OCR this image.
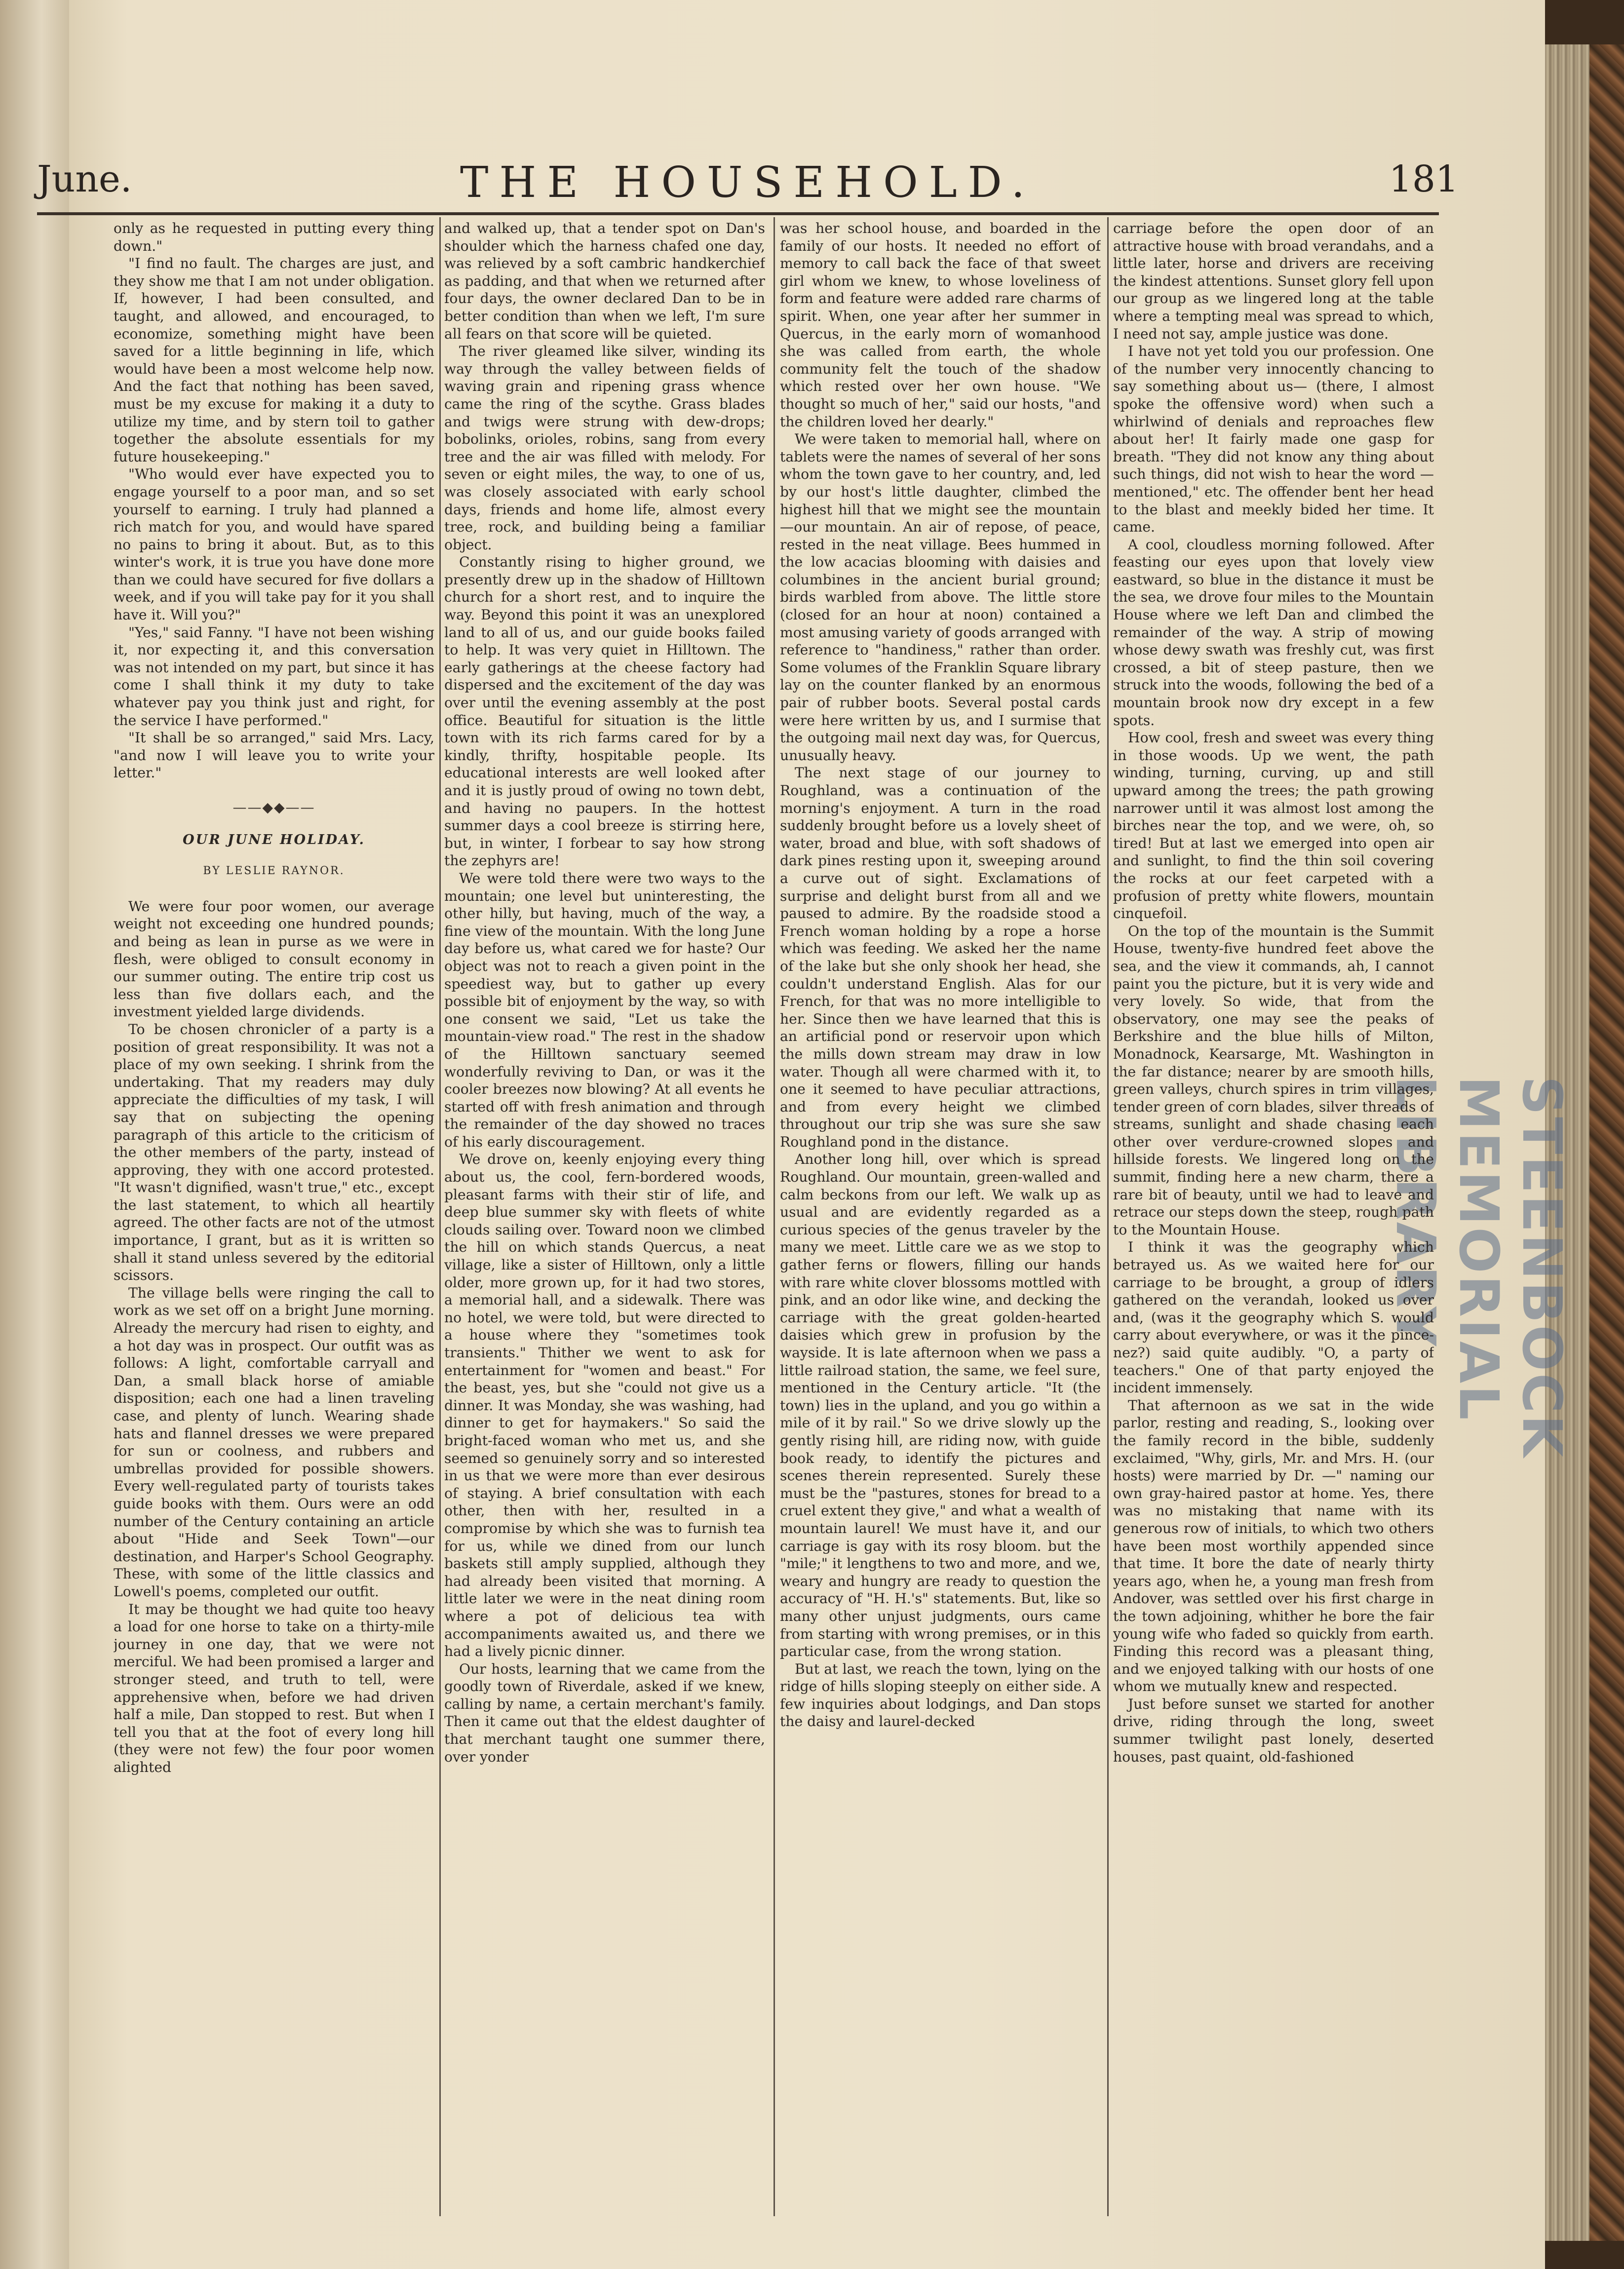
STEENBOCK MEMORIAL LIBRARY
THE HOUSEHOLD.
June.	181

only as he requested in putting every thing down."

"I find no fault. The charges are just, and they show me that I am not under obligation. If, however, I had been consulted, and taught, and allowed, and encouraged, to economize, something might have been saved for a little beginning in life, which would have been a most welcome help now. And the fact that nothing has been saved, must be my excuse for making it a duty to utilize my time, and by stern toil to gather together the absolute essentials for my future housekeeping."

"Who would ever have expected you to engage yourself to a poor man, and so set yourself to earning. I truly had planned a rich match for you, and would have spared no pains to bring it about. But, as to this winter's work, it is true you have done more than we could have secured for five dollars a week, and if you will take pay for it you shall have it. Will you?"

"Yes," said Fanny. "I have not been wishing it, nor expecting it, and this conversation was not intended on my part, but since it has come I shall think it my duty to take whatever pay you think just and right, for the service I have performed."

"It shall be so arranged," said Mrs. Lacy, "and now I will leave you to write your letter."

——◆◆——
OUR JUNE HOLIDAY.
BY LESLIE RAYNOR.

We were four poor women, our average weight not exceeding one hundred pounds; and being as lean in purse as we were in flesh, were obliged to consult economy in our summer outing. The entire trip cost us less than five dollars each, and the investment yielded large dividends.

To be chosen chronicler of a party is a position of great responsibility. It was not a place of my own seeking. I shrink from the undertaking. That my readers may duly appreciate the difficulties of my task, I will say that on subjecting the opening paragraph of this article to the criticism of the other members of the party, instead of approving, they with one accord protested. "It wasn't dignified, wasn't true," etc., except the last statement, to which all heartily agreed. The other facts are not of the utmost importance, I grant, but as it is written so shall it stand unless severed by the editorial scissors.

The village bells were ringing the call to work as we set off on a bright June morning. Already the mercury had risen to eighty, and a hot day was in prospect. Our outfit was as follows: A light, comfortable carryall and Dan, a small black horse of amiable disposition; each one had a linen traveling case, and plenty of lunch. Wearing shade hats and flannel dresses we were prepared for sun or coolness, and rubbers and umbrellas provided for possible showers. Every well-regulated party of tourists takes guide books with them. Ours were an odd number of the Century containing an article about "Hide and Seek Town"—our destination, and Harper's School Geography. These, with some of the little classics and Lowell's poems, completed our outfit.

It may be thought we had quite too heavy a load for one horse to take on a thirty-mile journey in one day, that we were not merciful. We had been promised a larger and stronger steed, and truth to tell, were apprehensive when, before we had driven half a mile, Dan stopped to rest. But when I tell you that at the foot of every long hill (they were not few) the four poor women alighted

and walked up, that a tender spot on Dan's shoulder which the harness chafed one day, was relieved by a soft cambric handkerchief as padding, and that when we returned after four days, the owner declared Dan to be in better condition than when we left, I'm sure all fears on that score will be quieted.

The river gleamed like silver, winding its way through the valley between fields of waving grain and ripening grass whence came the ring of the scythe. Grass blades and twigs were strung with dew-drops; bobolinks, orioles, robins, sang from every tree and the air was filled with melody. For seven or eight miles, the way, to one of us, was closely associated with early school days, friends and home life, almost every tree, rock, and building being a familiar object.

Constantly rising to higher ground, we presently drew up in the shadow of Hilltown church for a short rest, and to inquire the way. Beyond this point it was an unexplored land to all of us, and our guide books failed to help. It was very quiet in Hilltown. The early gatherings at the cheese factory had dispersed and the excitement of the day was over until the evening assembly at the post office. Beautiful for situation is the little town with its rich farms cared for by a kindly, thrifty, hospitable people. Its educational interests are well looked after and it is justly proud of owing no town debt, and having no paupers. In the hottest summer days a cool breeze is stirring here, but, in winter, I forbear to say how strong the zephyrs are!

We were told there were two ways to the mountain; one level but uninteresting, the other hilly, but having, much of the way, a fine view of the mountain. With the long June day before us, what cared we for haste? Our object was not to reach a given point in the speediest way, but to gather up every possible bit of enjoyment by the way, so with one consent we said, "Let us take the mountain-view road." The rest in the shadow of the Hilltown sanctuary seemed wonderfully reviving to Dan, or was it the cooler breezes now blowing? At all events he started off with fresh animation and through the remainder of the day showed no traces of his early discouragement.

We drove on, keenly enjoying every thing about us, the cool, fern-bordered woods, pleasant farms with their stir of life, and deep blue summer sky with fleets of white clouds sailing over. Toward noon we climbed the hill on which stands Quercus, a neat village, like a sister of Hilltown, only a little older, more grown up, for it had two stores, a memorial hall, and a sidewalk. There was no hotel, we were told, but were directed to a house where they "sometimes took transients." Thither we went to ask for entertainment for "women and beast." For the beast, yes, but she "could not give us a dinner. It was Monday, she was washing, had dinner to get for haymakers." So said the bright-faced woman who met us, and she seemed so genuinely sorry and so interested in us that we were more than ever desirous of staying. A brief consultation with each other, then with her, resulted in a compromise by which she was to furnish tea for us, while we dined from our lunch baskets still amply supplied, although they had already been visited that morning. A little later we were in the neat dining room where a pot of delicious tea with accompaniments awaited us, and there we had a lively picnic dinner.

Our hosts, learning that we came from the goodly town of Riverdale, asked if we knew, calling by name, a certain merchant's family. Then it came out that the eldest daughter of that merchant taught one summer there, over yonder

was her school house, and boarded in the family of our hosts. It needed no effort of memory to call back the face of that sweet girl whom we knew, to whose loveliness of form and feature were added rare charms of spirit. When, one year after her summer in Quercus, in the early morn of womanhood she was called from earth, the whole community felt the touch of the shadow which rested over her own house. "We thought so much of her," said our hosts, "and the children loved her dearly."

We were taken to memorial hall, where on tablets were the names of several of her sons whom the town gave to her country, and, led by our host's little daughter, climbed the highest hill that we might see the mountain—our mountain. An air of repose, of peace, rested in the neat village. Bees hummed in the low acacias blooming with daisies and columbines in the ancient burial ground; birds warbled from above. The little store (closed for an hour at noon) contained a most amusing variety of goods arranged with reference to "handiness," rather than order. Some volumes of the Franklin Square library lay on the counter flanked by an enormous pair of rubber boots. Several postal cards were here written by us, and I surmise that the outgoing mail next day was, for Quercus, unusually heavy.

The next stage of our journey to Roughland, was a continuation of the morning's enjoyment. A turn in the road suddenly brought before us a lovely sheet of water, broad and blue, with soft shadows of dark pines resting upon it, sweeping around a curve out of sight. Exclamations of surprise and delight burst from all and we paused to admire. By the roadside stood a French woman holding by a rope a horse which was feeding. We asked her the name of the lake but she only shook her head, she couldn't understand English. Alas for our French, for that was no more intelligible to her. Since then we have learned that this is an artificial pond or reservoir upon which the mills down stream may draw in low water. Though all were charmed with it, to one it seemed to have peculiar attractions, and from every height we climbed throughout our trip she was sure she saw Roughland pond in the distance.

Another long hill, over which is spread Roughland. Our mountain, green-walled and calm beckons from our left. We walk up as usual and are evidently regarded as a curious species of the genus traveler by the many we meet. Little care we as we stop to gather ferns or flowers, filling our hands with rare white clover blossoms mottled with pink, and an odor like wine, and decking the carriage with the great golden-hearted daisies which grew in profusion by the wayside. It is late afternoon when we pass a little railroad station, the same, we feel sure, mentioned in the Century article. "It (the town) lies in the upland, and you go within a mile of it by rail." So we drive slowly up the gently rising hill, are riding now, with guide book ready, to identify the pictures and scenes therein represented. Surely these must be the "pastures, stones for bread to a cruel extent they give," and what a wealth of mountain laurel! We must have it, and our carriage is gay with its rosy bloom. but the "mile;" it lengthens to two and more, and we, weary and hungry are ready to question the accuracy of "H. H.'s" statements. But, like so many other unjust judgments, ours came from starting with wrong premises, or in this particular case, from the wrong station.

But at last, we reach the town, lying on the ridge of hills sloping steeply on either side. A few inquiries about lodgings, and Dan stops the daisy and laurel-decked

carriage before the open door of an attractive house with broad verandahs, and a little later, horse and drivers are receiving the kindest attentions. Sunset glory fell upon our group as we lingered long at the table where a tempting meal was spread to which, I need not say, ample justice was done.

I have not yet told you our profession. One of the number very innocently chancing to say something about us— (there, I almost spoke the offensive word) when such a whirlwind of denials and reproaches flew about her! It fairly made one gasp for breath. "They did not know any thing about such things, did not wish to hear the word — mentioned," etc. The offender bent her head to the blast and meekly bided her time. It came.

A cool, cloudless morning followed. After feasting our eyes upon that lovely view eastward, so blue in the distance it must be the sea, we drove four miles to the Mountain House where we left Dan and climbed the remainder of the way. A strip of mowing whose dewy swath was freshly cut, was first crossed, a bit of steep pasture, then we struck into the woods, following the bed of a mountain brook now dry except in a few spots.

How cool, fresh and sweet was every thing in those woods. Up we went, the path winding, turning, curving, up and still upward among the trees; the path growing narrower until it was almost lost among the birches near the top, and we were, oh, so tired! But at last we emerged into open air and sunlight, to find the thin soil covering the rocks at our feet carpeted with a profusion of pretty white flowers, mountain cinquefoil.

On the top of the mountain is the Summit House, twenty-five hundred feet above the sea, and the view it commands, ah, I cannot paint you the picture, but it is very wide and very lovely. So wide, that from the observatory, one may see the peaks of Berkshire and the blue hills of Milton, Monadnock, Kearsarge, Mt. Washington in the far distance; nearer by are smooth hills, green valleys, church spires in trim villages, tender green of corn blades, silver threads of streams, sunlight and shade chasing each other over verdure-crowned slopes and hillside forests. We lingered long on the summit, finding here a new charm, there a rare bit of beauty, until we had to leave and retrace our steps down the steep, rough path to the Mountain House.

I think it was the geography which betrayed us. As we waited here for our carriage to be brought, a group of idlers gathered on the verandah, looked us over and, (was it the geography which S. would carry about everywhere, or was it the pince-nez?) said quite audibly. "O, a party of teachers." One of that party enjoyed the incident immensely.

That afternoon as we sat in the wide parlor, resting and reading, S., looking over the family record in the bible, suddenly exclaimed, "Why, girls, Mr. and Mrs. H. (our hosts) were married by Dr. —" naming our own gray-haired pastor at home. Yes, there was no mistaking that name with its generous row of initials, to which two others have been most worthily appended since that time. It bore the date of nearly thirty years ago, when he, a young man fresh from Andover, was settled over his first charge in the town adjoining, whither he bore the fair young wife who faded so quickly from earth. Finding this record was a pleasant thing, and we enjoyed talking with our hosts of one whom we mutually knew and respected.

Just before sunset we started for another drive, riding through the long, sweet summer twilight past lonely, deserted houses, past quaint, old-fashioned
